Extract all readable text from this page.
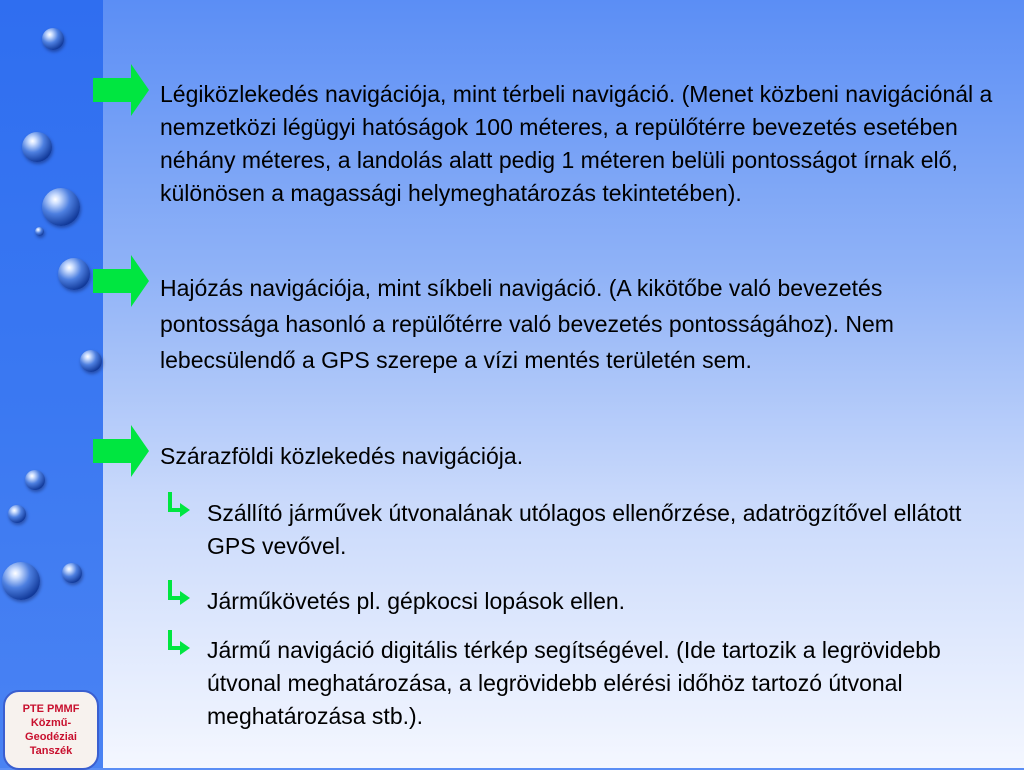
PTE PMMF
Közmű-
Geodéziai
Tanszék
Légiközlekedés navigációja, mint térbeli navigáció. (Menet közbeni navigációnál a nemzetközi légügyi hatóságok 100 méteres, a repülőtérre bevezetés esetében néhány méteres, a landolás alatt pedig 1 méteren belüli pontosságot írnak elő, különösen a magassági helymeghatározás tekintetében).
Hajózás navigációja, mint síkbeli navigáció. (A kikötőbe való bevezetés pontossága hasonló a repülőtérre való bevezetés pontosságához). Nem lebecsülendő a GPS szerepe a vízi mentés területén sem.
Szárazföldi közlekedés navigációja.
Szállító járművek útvonalának utólagos ellenőrzése, adatrögzítővel ellátott GPS vevővel.
Járműkövetés pl. gépkocsi lopások ellen.
Jármű navigáció digitális térkép segítségével. (Ide tartozik a legrövidebb útvonal meghatározása, a legrövidebb elérési időhöz tartozó útvonal meghatározása stb.).
